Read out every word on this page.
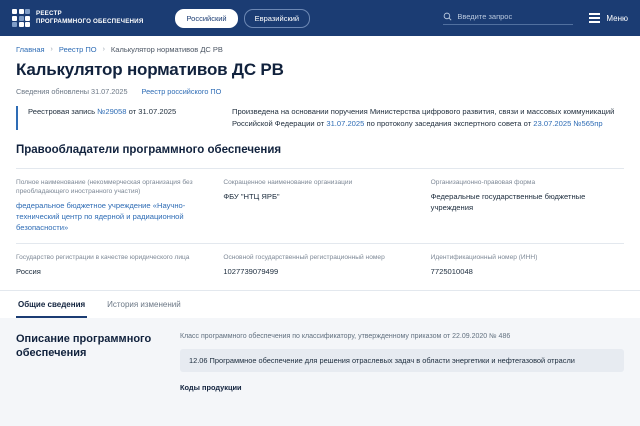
РЕЕСТР
ПРОГРАММНОГО ОБЕСПЕЧЕНИЯ	Российский	Евразийский	Введите запрос	Меню
Главная › Реестр ПО › Калькулятор нормативов ДС РВ
Калькулятор нормативов ДС РВ
Сведения обновлены 31.07.2025 Реестр российского ПО
Реестровая запись №29058 от 31.07.2025	Произведена на основании поручения Министерства цифрового развития, связи и массовых коммуникаций Российской Федерации от 31.07.2025 по протоколу заседания экспертного совета от 23.07.2025 №565пр
Правообладатели программного обеспечения
Полное наименование (некоммерческая организация без преобладающего иностранного участия)
федеральное бюджетное учреждение «Научно-технический центр по ядерной и радиационной безопасности»
Сокращенное наименование организации
ФБУ "НТЦ ЯРБ"
Организационно-правовая форма
Федеральные государственные бюджетные учреждения
Государство регистрации в качестве юридического лица
Россия
Основной государственный регистрационный номер
1027739079499
Идентификационный номер (ИНН)
7725010048
Общие сведения	История изменений
Описание программного обеспечения
Класс программного обеспечения по классификатору, утвержденному приказом от 22.09.2020 № 486
12.06 Программное обеспечение для решения отраслевых задач в области энергетики и нефтегазовой отрасли
Коды продукции
